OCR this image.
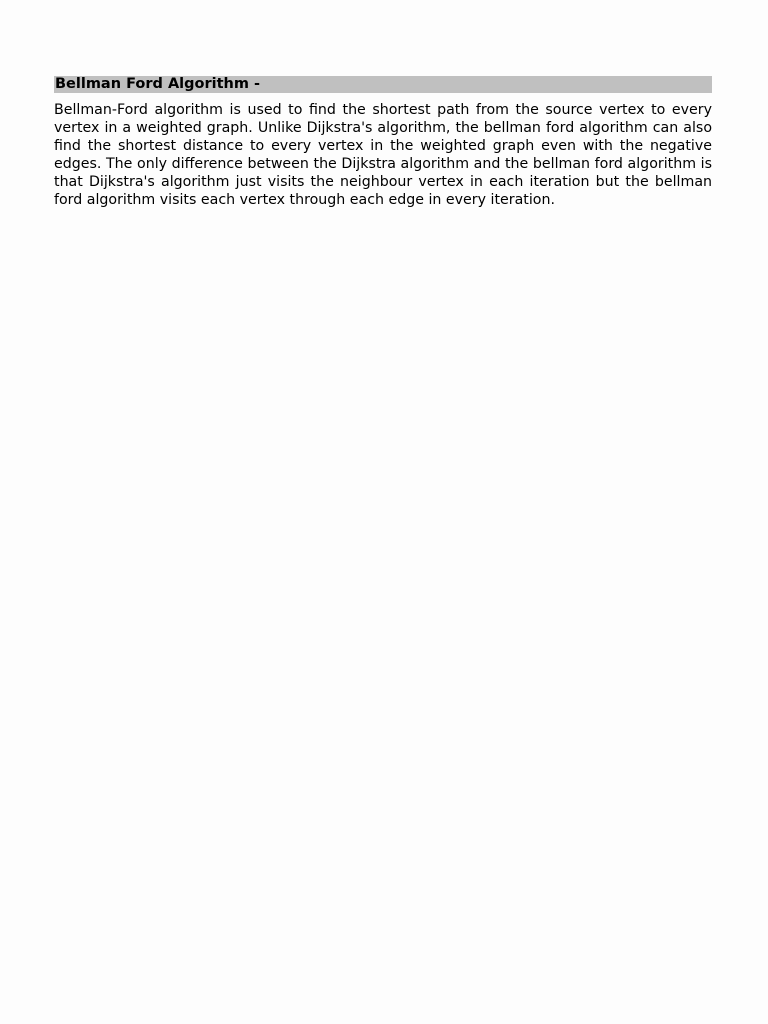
Bellman Ford Algorithm -

Bellman-Ford algorithm is used to find the shortest path from the source vertex to every vertex in a weighted graph. Unlike Dijkstra's algorithm, the bellman ford algorithm can also find the shortest distance to every vertex in the weighted graph even with the negative edges. The only difference between the Dijkstra algorithm and the bellman ford algorithm is that Dijkstra's algorithm just visits the neighbour vertex in each iteration but the bellman ford algorithm visits each vertex through each edge in every iteration.
